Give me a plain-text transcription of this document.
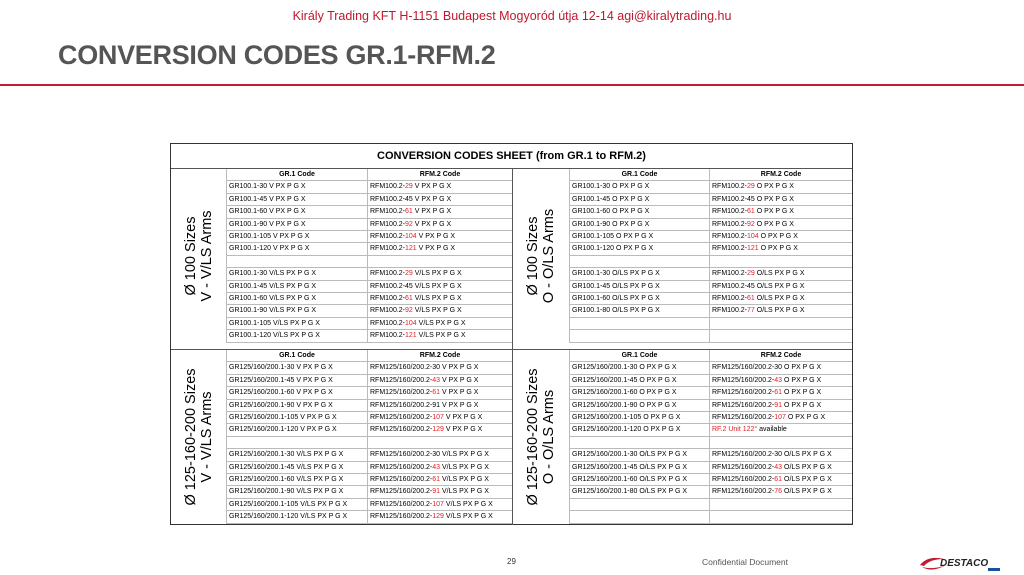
Király Trading KFT H-1151 Budapest Mogyoród útja 12-14 agi@kiralytrading.hu
CONVERSION CODES GR.1-RFM.2
CONVERSION CODES SHEET (from GR.1 to RFM.2)
GR.1 Code	RFM.2 Code
GR100.1-30 V PX P G X	RFM100.2-29 V PX P G X
GR100.1-45 V PX P G X	RFM100.2-45 V PX P G X
GR100.1-60 V PX P G X	RFM100.2-61 V PX P G X
GR100.1-90 V PX P G X	RFM100.2-92 V PX P G X
GR100.1-105 V PX P G X	RFM100.2-104 V PX P G X
GR100.1-120 V PX P G X	RFM100.2-121 V PX P G X
GR100.1-30 V/LS PX P G X	RFM100.2-29 V/LS PX P G X
GR100.1-45 V/LS PX P G X	RFM100.2-45 V/LS PX P G X
GR100.1-60 V/LS PX P G X	RFM100.2-61 V/LS PX P G X
GR100.1-90 V/LS PX P G X	RFM100.2-92 V/LS PX P G X
GR100.1-105 V/LS PX P G X	RFM100.2-104 V/LS PX P G X
GR100.1-120 V/LS PX P G X	RFM100.2-121 V/LS PX P G X
Ø 100 Sizes V - V/LS Arms
GR.1 Code	RFM.2 Code
GR100.1-30 O PX P G X	RFM100.2-29 O PX P G X
GR100.1-45 O PX P G X	RFM100.2-45 O PX P G X
GR100.1-60 O PX P G X	RFM100.2-61 O PX P G X
GR100.1-90 O PX P G X	RFM100.2-92 O PX P G X
GR100.1-105 O PX P G X	RFM100.2-104 O PX P G X
GR100.1-120 O PX P G X	RFM100.2-121 O PX P G X
GR100.1-30 O/LS PX P G X	RFM100.2-29 O/LS PX P G X
GR100.1-45 O/LS PX P G X	RFM100.2-45 O/LS PX P G X
GR100.1-60 O/LS PX P G X	RFM100.2-61 O/LS PX P G X
GR100.1-80 O/LS PX P G X	RFM100.2-77 O/LS PX P G X
Ø 100 Sizes O - O/LS Arms
GR.1 Code	RFM.2 Code
GR125/160/200.1-30 V PX P G X	RFM125/160/200.2-30 V PX P G X
GR125/160/200.1-45 V PX P G X	RFM125/160/200.2-43 V PX P G X
GR125/160/200.1-60 V PX P G X	RFM125/160/200.2-61 V PX P G X
GR125/160/200.1-90 V PX P G X	RFM125/160/200.2-91 V PX P G X
GR125/160/200.1-105 V PX P G X	RFM125/160/200.2-107 V PX P G X
GR125/160/200.1-120 V PX P G X	RFM125/160/200.2-129 V PX P G X
GR125/160/200.1-30 V/LS PX P G X	RFM125/160/200.2-30 V/LS PX P G X
GR125/160/200.1-45 V/LS PX P G X	RFM125/160/200.2-43 V/LS PX P G X
GR125/160/200.1-60 V/LS PX P G X	RFM125/160/200.2-61 V/LS PX P G X
GR125/160/200.1-90 V/LS PX P G X	RFM125/160/200.2-91 V/LS PX P G X
GR125/160/200.1-105 V/LS PX P G X	RFM125/160/200.2-107 V/LS PX P G X
GR125/160/200.1-120 V/LS PX P G X	RFM125/160/200.2-129 V/LS PX P G X
Ø 125-160-200 Sizes V - V/LS Arms
GR.1 Code	RFM.2 Code
GR125/160/200.1-30 O PX P G X	RFM125/160/200.2-30 O PX P G X
GR125/160/200.1-45 O PX P G X	RFM125/160/200.2-43 O PX P G X
GR125/160/200.1-60 O PX P G X	RFM125/160/200.2-61 O PX P G X
GR125/160/200.1-90 O PX P G X	RFM125/160/200.2-91 O PX P G X
GR125/160/200.1-105 O PX P G X	RFM125/160/200.2-107 O PX P G X
GR125/160/200.1-120 O PX P G X	RF.2 Unit 122° available
GR125/160/200.1-30 O/LS PX P G X	RFM125/160/200.2-30 O/LS PX P G X
GR125/160/200.1-45 O/LS PX P G X	RFM125/160/200.2-43 O/LS PX P G X
GR125/160/200.1-60 O/LS PX P G X	RFM125/160/200.2-61 O/LS PX P G X
GR125/160/200.1-80 O/LS PX P G X	RFM125/160/200.2-76 O/LS PX P G X
Ø 125-160-200 Sizes O - O/LS Arms
29	Confidential Document	DESTACO
